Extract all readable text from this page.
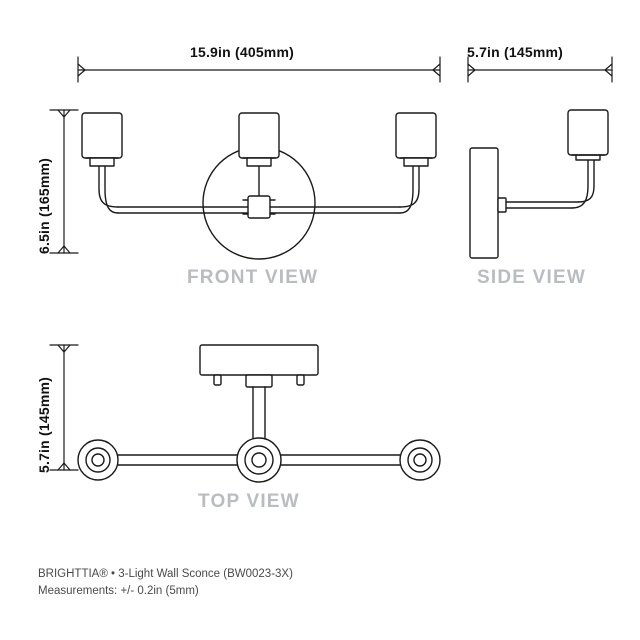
15.9in (405mm)	5.7in (145mm)
6.5in (165mm)
5.7in (145mm)
FRONT VIEW	SIDE VIEW
TOP VIEW
BRIGHTTIA® • 3-Light Wall Sconce (BW0023-3X)
Measurements: +/- 0.2in (5mm)
